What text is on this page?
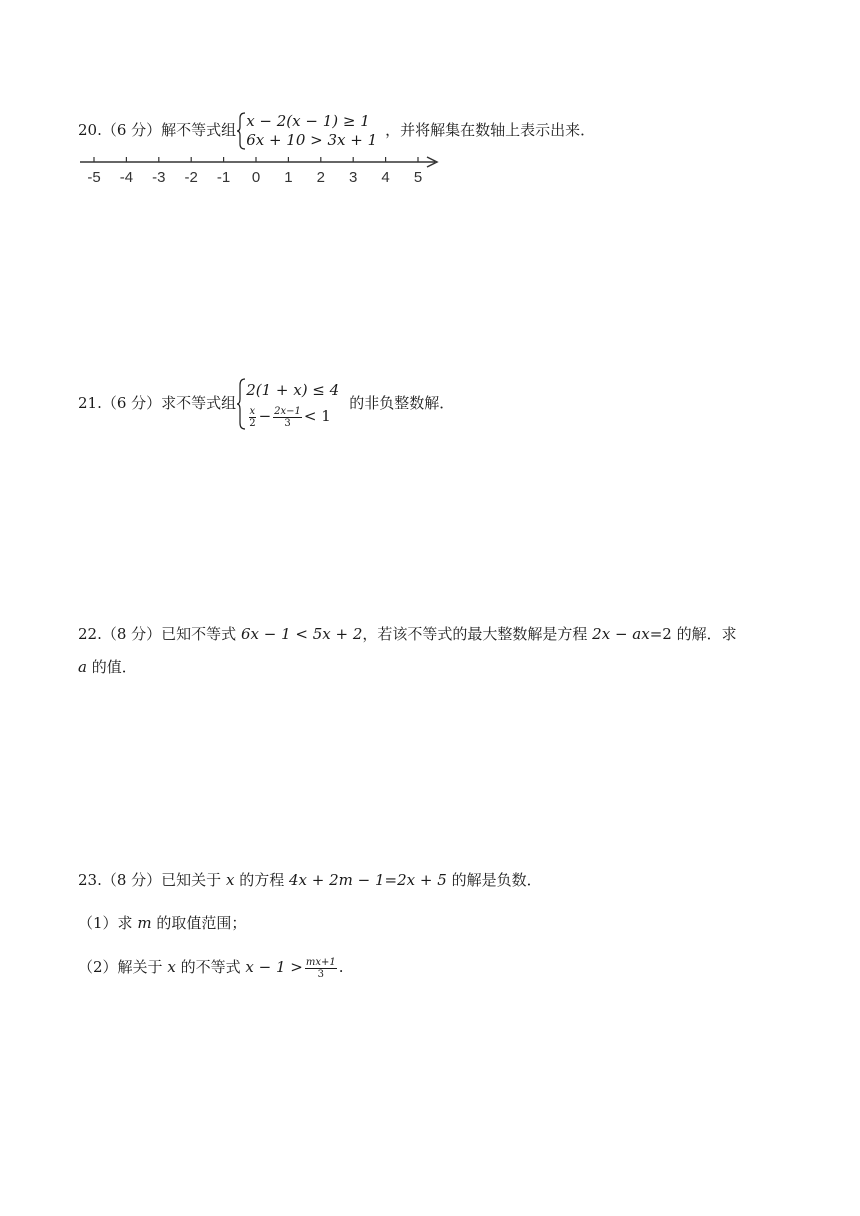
20.（6 分）解不等式组 x − 2(x − 1) ≥ 1
6x + 10 > 3x + 1
，并将解集在数轴上表示出来．
-5 -4 -3 -2 -1 0 1 2 3 4 5
21.（6 分）求不等式组
2(1 + x) ≤ 4
$\frac{x}{2} - \frac{2x-1}{3} < 1$
的非负整数解．
22.（8 分）已知不等式 6x − 1 < 5x + 2，若该不等式的最大整数解是方程 2x − ax=2 的解．求
a 的值．
23.（8 分）已知关于 x 的方程 4x + 2m − 1=2x + 5 的解是负数．
（1）求 m 的取值范围；
（2）解关于 x 的不等式 $x - 1 > \frac{mx+1}{3}$ .
